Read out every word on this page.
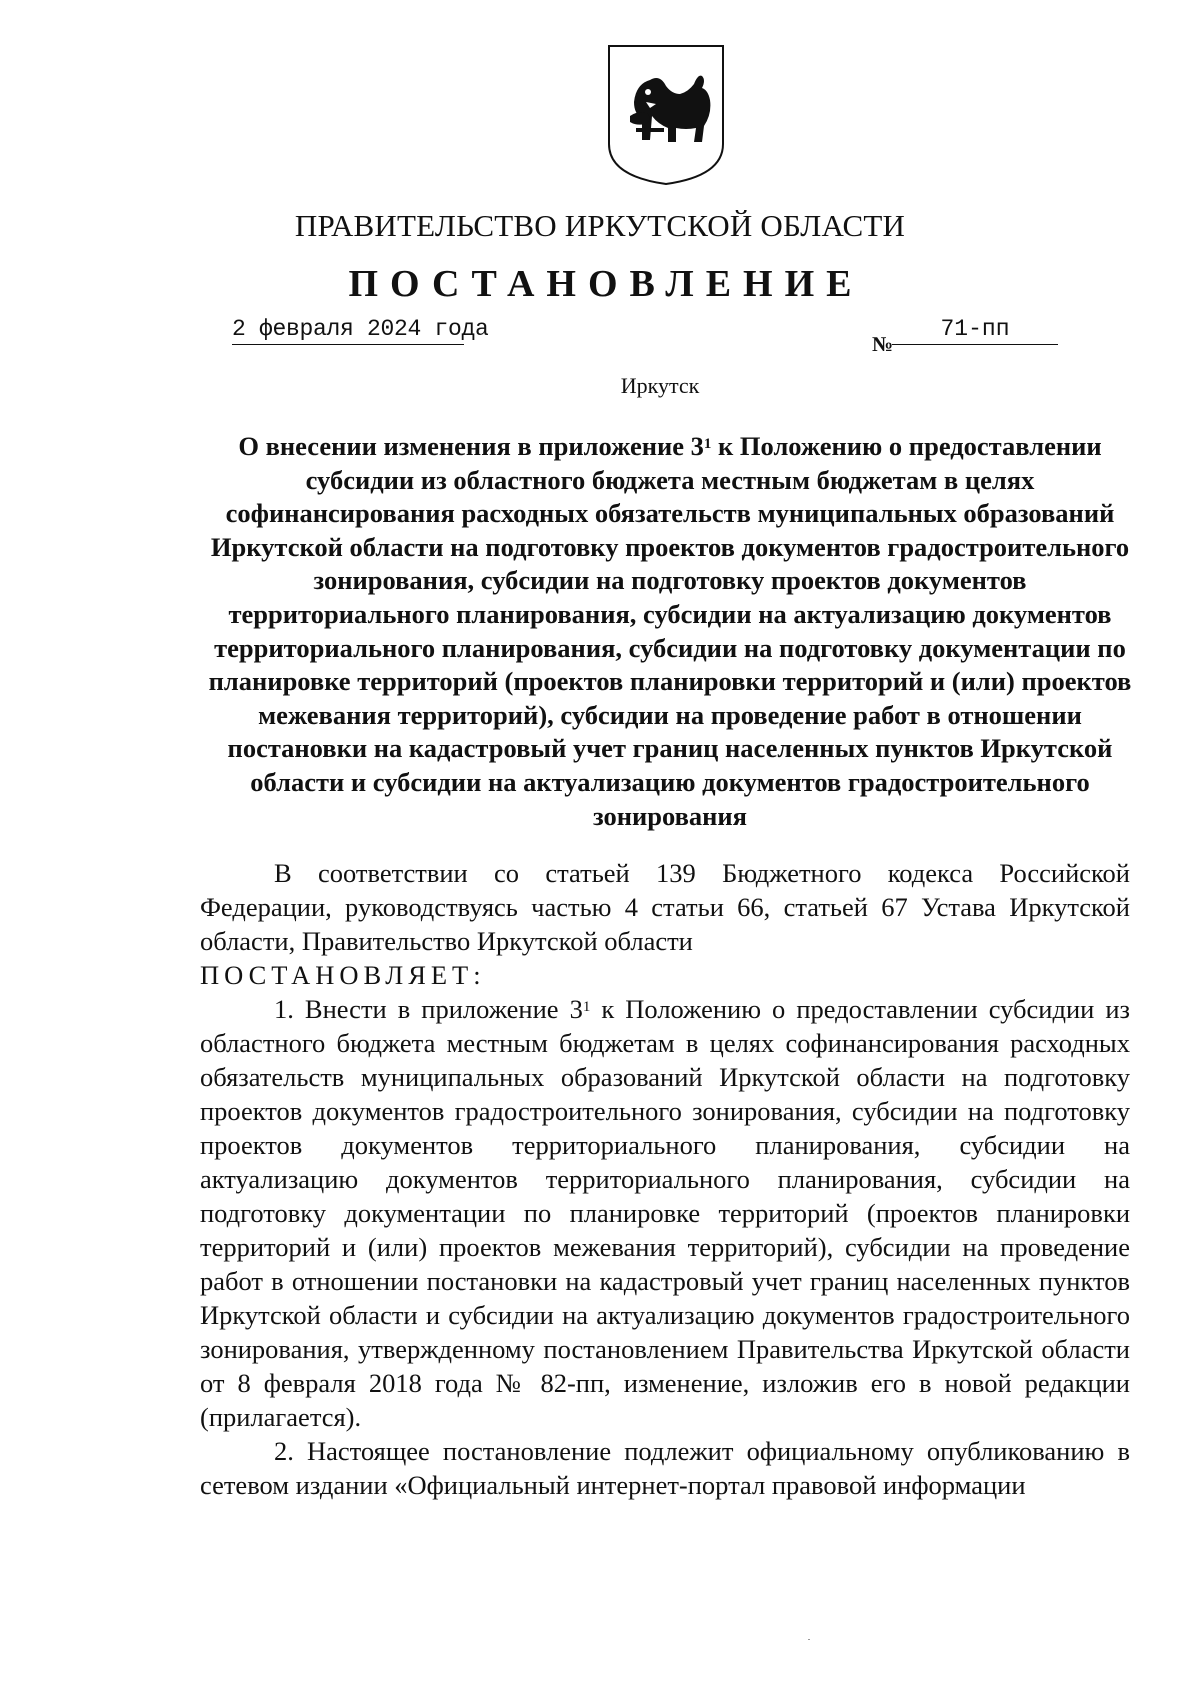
ПРАВИТЕЛЬСТВО ИРКУТСКОЙ ОБЛАСТИ
ПОСТАНОВЛЕНИЕ
2 февраля 2024 года
№
71-пп
Иркутск
О внесении изменения в приложение $3^1$ к Положению о предоставлении субсидии из областного бюджета местным бюджетам в целях софинансирования расходных обязательств муниципальных образований Иркутской области на подготовку проектов документов градостроительного зонирования, субсидии на подготовку проектов документов территориального планирования, субсидии на актуализацию документов территориального планирования, субсидии на подготовку документации по планировке территорий (проектов планировки территорий и (или) проектов межевания территорий), субсидии на проведение работ в отношении постановки на кадастровый учет границ населенных пунктов Иркутской области и субсидии на актуализацию документов градостроительного зонирования

В соответствии со статьей 139 Бюджетного кодекса Российской Федерации, руководствуясь частью 4 статьи 66, статьей 67 Устава Иркутской области, Правительство Иркутской области

ПОСТАНОВЛЯЕТ:

1. Внести в приложение $3^1$ к Положению о предоставлении субсидии из областного бюджета местным бюджетам в целях софинансирования расходных обязательств муниципальных образований Иркутской области на подготовку проектов документов градостроительного зонирования, субсидии на подготовку проектов документов территориального планирования, субсидии на актуализацию документов территориального планирования, субсидии на подготовку документации по планировке территорий (проектов планировки территорий и (или) проектов межевания территорий), субсидии на проведение работ в отношении постановки на кадастровый учет границ населенных пунктов Иркутской области и субсидии на актуализацию документов градостроительного зонирования, утвержденному постановлением Правительства Иркутской области от 8 февраля 2018 года № 82-пп, изменение, изложив его в новой редакции (прилагается).

2. Настоящее постановление подлежит официальному опубликованию в сетевом издании «Официальный интернет-портал правовой информации
